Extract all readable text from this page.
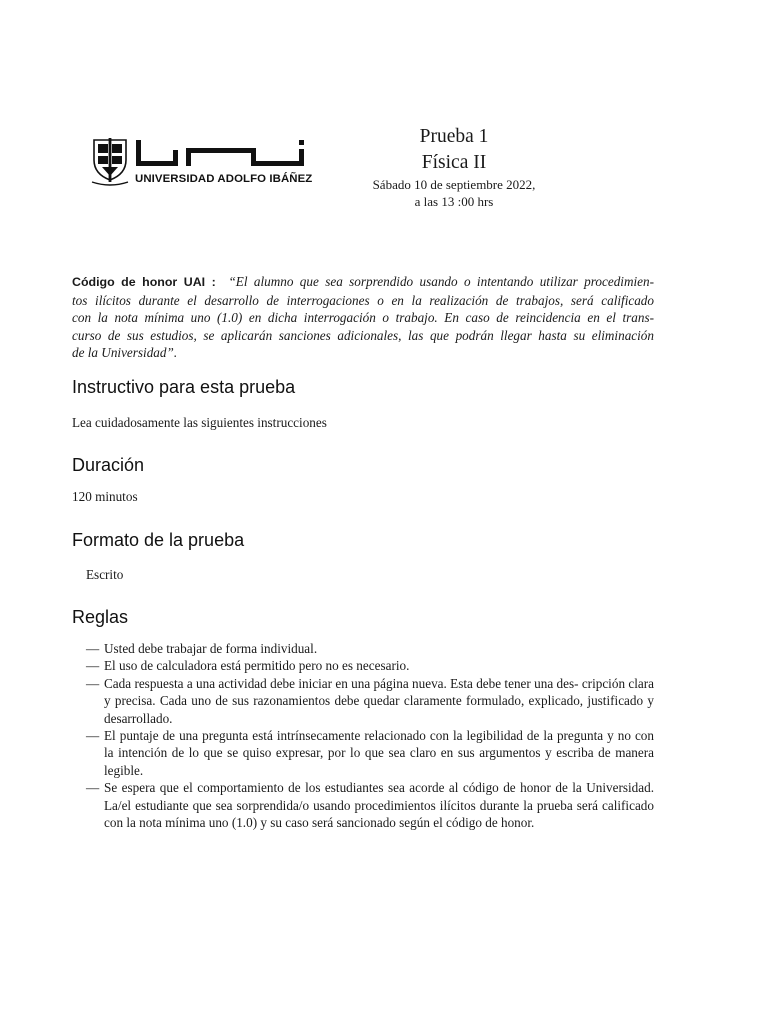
UNIVERSIDAD ADOLFO IBÁÑEZ
Prueba 1
Física II
Sábado 10 de septiembre 2022,
a las 13 :00 hrs
Código de honor UAI : “El alumno que sea sorprendido usando o intentando utilizar procedimien-
tos ilícitos durante el desarrollo de interrogaciones o en la realización de trabajos, será calificado
con la nota mínima uno (1.0) en dicha interrogación o trabajo. En caso de reincidencia en el trans-
curso de sus estudios, se aplicarán sanciones adicionales, las que podrán llegar hasta su eliminación
de la Universidad”.
Instructivo para esta prueba
Lea cuidadosamente las siguientes instrucciones
Duración
120 minutos
Formato de la prueba
Escrito
Reglas
— Usted debe trabajar de forma individual.
— El uso de calculadora está permitido pero no es necesario.
— Cada respuesta a una actividad debe iniciar en una página nueva. Esta debe tener una des- cripción clara y precisa. Cada uno de sus razonamientos debe quedar claramente formulado, explicado, justificado y desarrollado.
— El puntaje de una pregunta está intrínsecamente relacionado con la legibilidad de la pregunta y no con la intención de lo que se quiso expresar, por lo que sea claro en sus argumentos y escriba de manera legible.
— Se espera que el comportamiento de los estudiantes sea acorde al código de honor de la Universidad. La/el estudiante que sea sorprendida/o usando procedimientos ilícitos durante la prueba será calificado con la nota mínima uno (1.0) y su caso será sancionado según el código de honor.
